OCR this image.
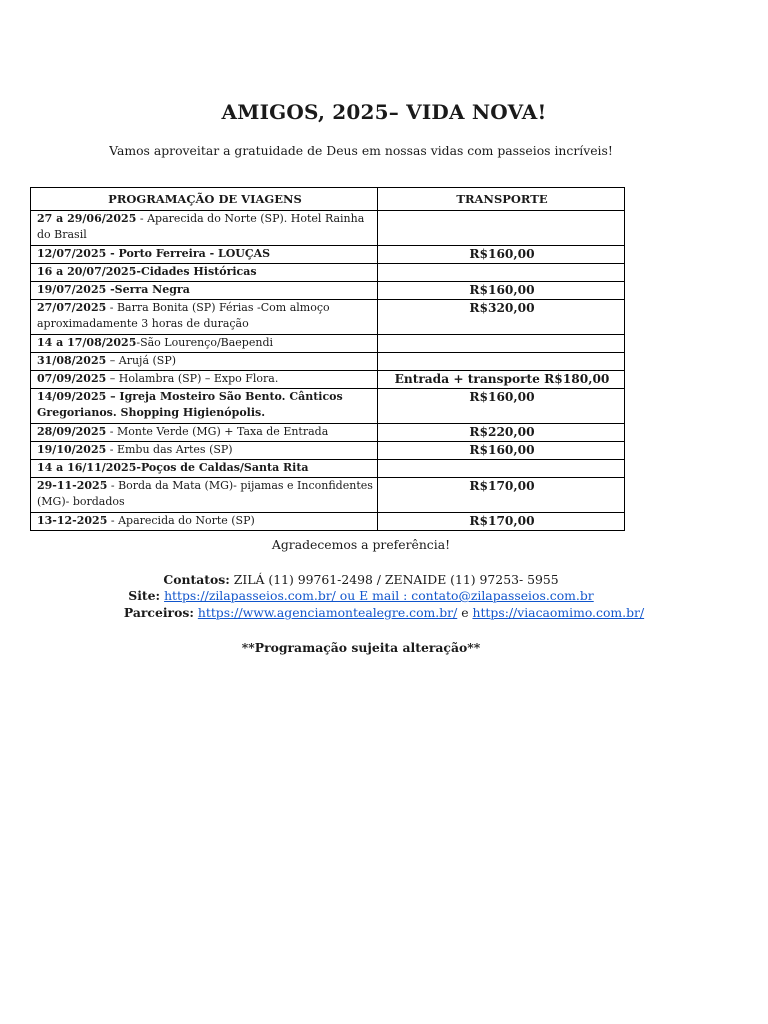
AMIGOS, 2025– VIDA NOVA!
Vamos aproveitar a gratuidade de Deus em nossas vidas com passeios incríveis!
PROGRAMAÇÃO DE VIAGENS	TRANSPORTE
27 a 29/06/2025 - Aparecida do Norte (SP). Hotel Rainha do Brasil	
12/07/2025 - Porto Ferreira - LOUÇAS	R$160,00
16 a 20/07/2025-Cidades Históricas	
19/07/2025 -Serra Negra	R$160,00
27/07/2025 - Barra Bonita (SP) Férias -Com almoço aproximadamente 3 horas de duração	R$320,00
14 a 17/08/2025-São Lourenço/Baependi	
31/08/2025 – Arujá (SP)	
07/09/2025 – Holambra (SP) – Expo Flora.	Entrada + transporte R$180,00
14/09/2025 – Igreja Mosteiro São Bento. Cânticos Gregorianos. Shopping Higienópolis.	R$160,00
28/09/2025 - Monte Verde (MG) + Taxa de Entrada	R$220,00
19/10/2025 - Embu das Artes (SP)	R$160,00
14 a 16/11/2025-Poços de Caldas/Santa Rita	
29-11-2025 - Borda da Mata (MG)- pijamas e Inconfidentes (MG)- bordados	R$170,00
13-12-2025 - Aparecida do Norte (SP)	R$170,00
Agradecemos a preferência!
Contatos: ZILÁ (11) 99761-2498 / ZENAIDE (11) 97253- 5955
Site: https://zilapasseios.com.br/ ou E mail : contato@zilapasseios.com.br
Parceiros: https://www.agenciamontealegre.com.br/ e https://viacaomimo.com.br/
**Programação sujeita alteração**
